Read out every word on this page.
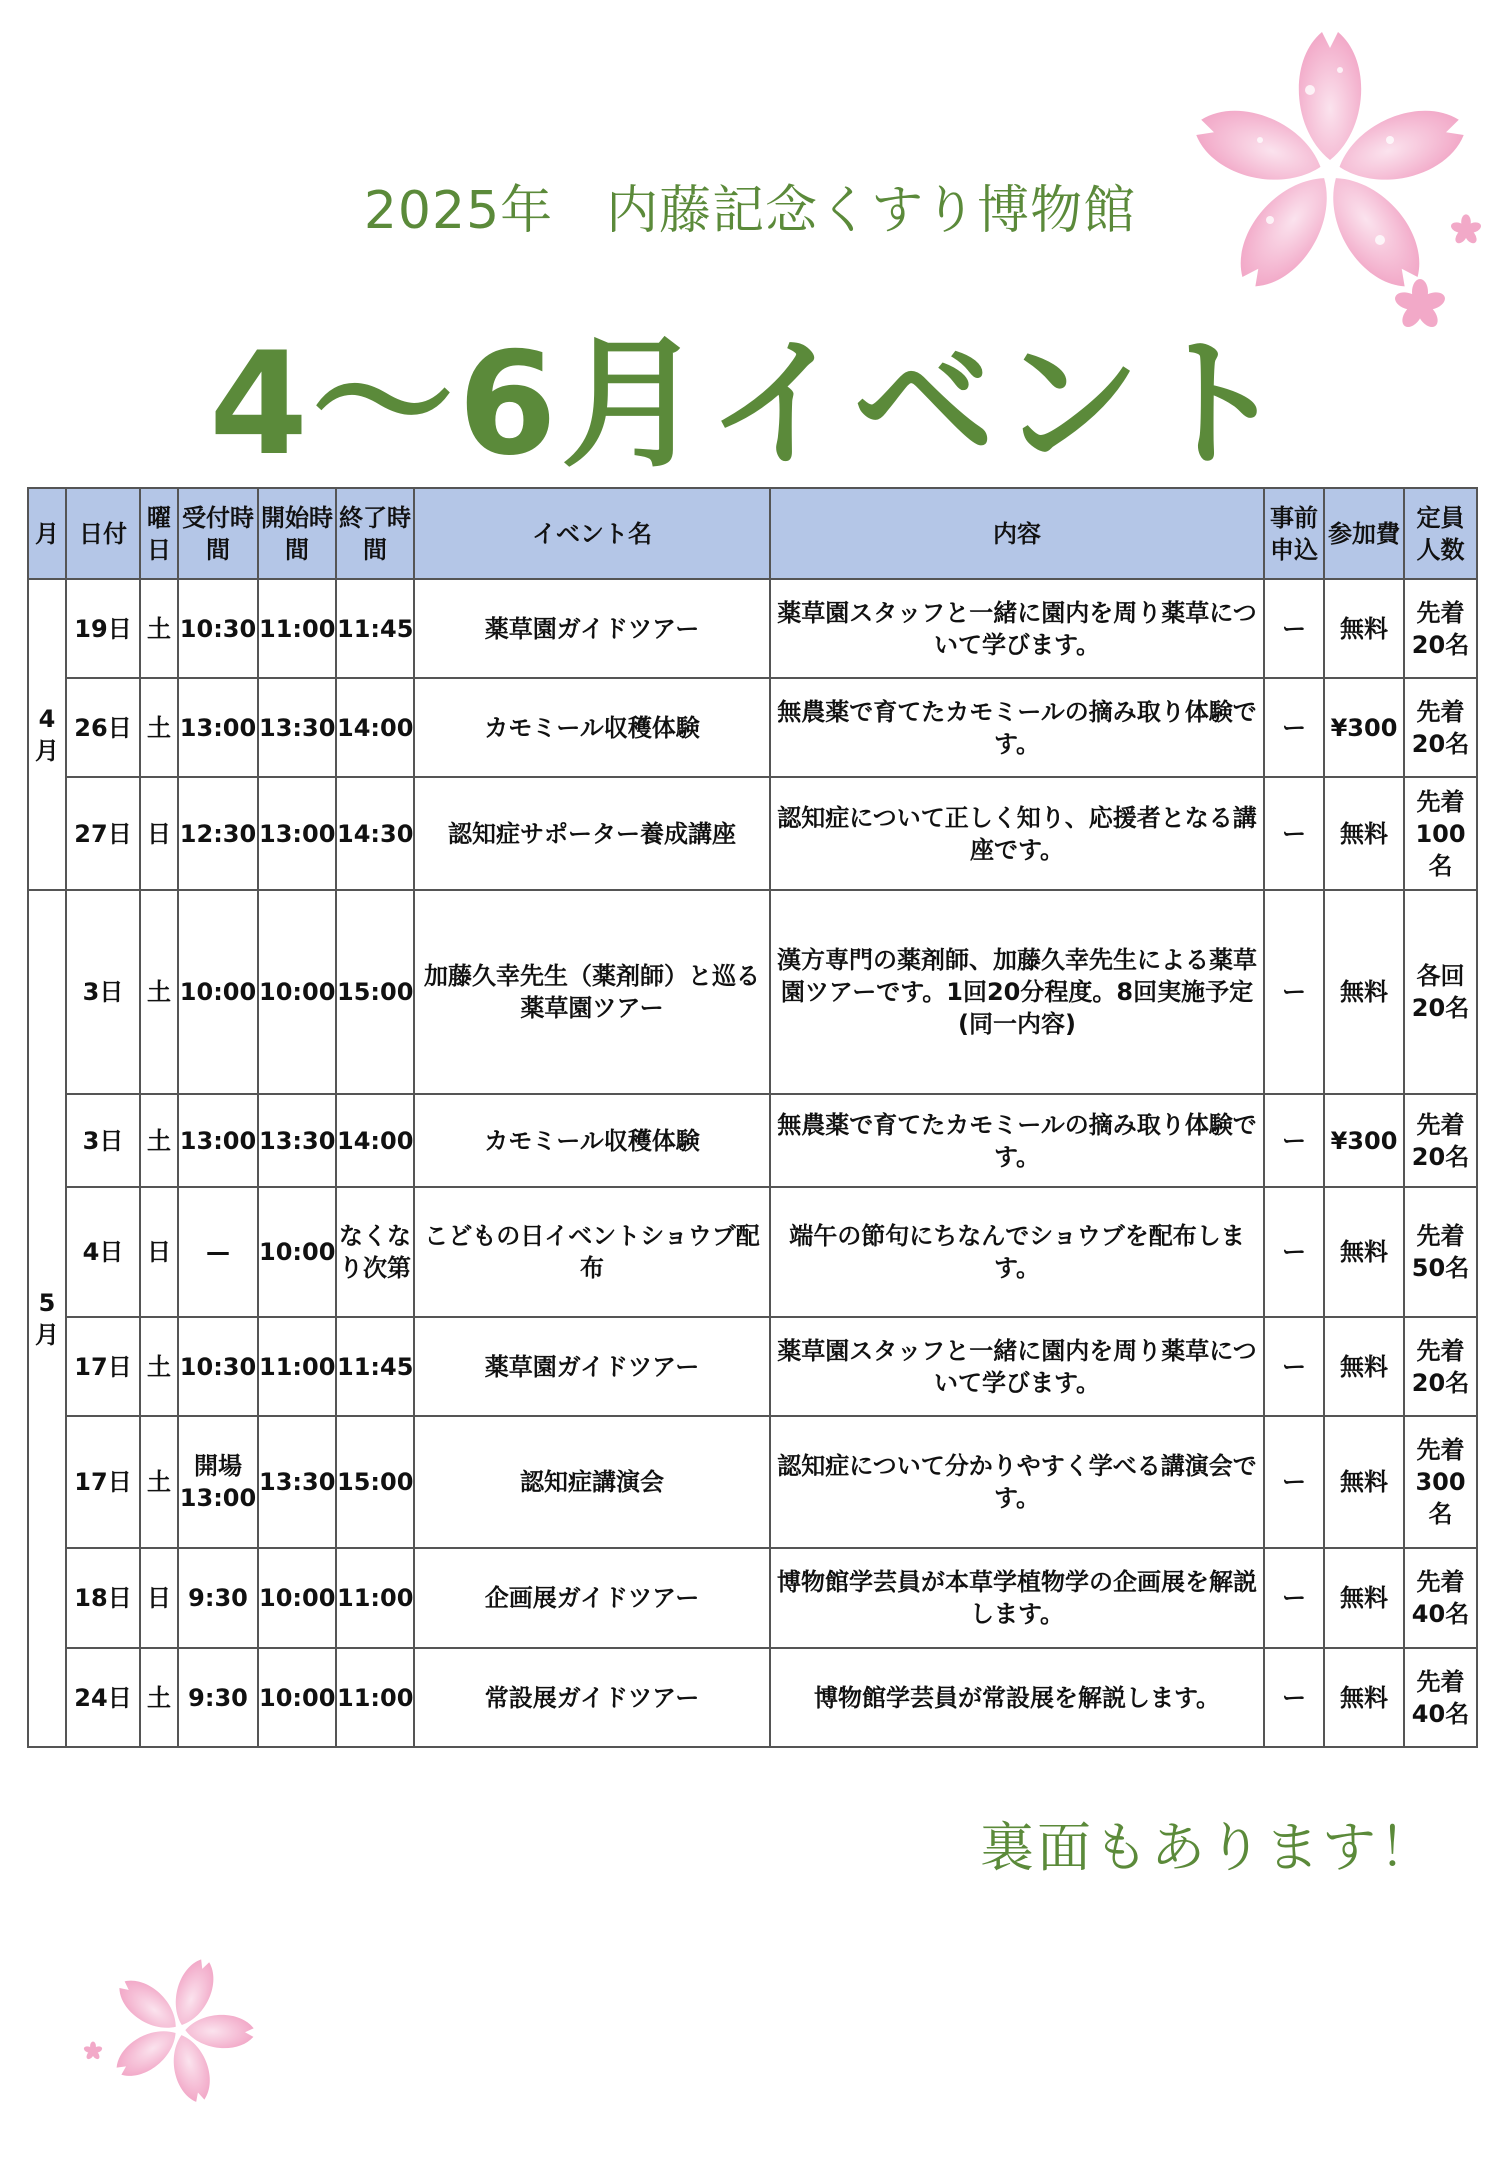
2025年　内藤記念くすり博物館
4～6月イベント
月	日付	曜日	受付時間	開始時間	終了時間	イベント名	内容	事前申込	参加費	定員人数
4月	19日	土	10:30	11:00	11:45	薬草園ガイドツアー	薬草園スタッフと一緒に園内を周り薬草について学びます。	ー	無料	先着20名
	26日	土	13:00	13:30	14:00	カモミール収穫体験	無農薬で育てたカモミールの摘み取り体験です。	ー	¥300	先着20名
	27日	日	12:30	13:00	14:30	認知症サポーター養成講座	認知症について正しく知り、応援者となる講座です。	ー	無料	先着100名
5月	3日	土	10:00	10:00	15:00	加藤久幸先生（薬剤師）と巡る薬草園ツアー	漢方専門の薬剤師、加藤久幸先生による薬草園ツアーです。1回20分程度。8回実施予定(同一内容)	ー	無料	各回20名
	3日	土	13:00	13:30	14:00	カモミール収穫体験	無農薬で育てたカモミールの摘み取り体験です。	ー	¥300	先着20名
	4日	日	—	10:00	なくなり次第	こどもの日イベントショウブ配布	端午の節句にちなんでショウブを配布します。	ー	無料	先着50名
	17日	土	10:30	11:00	11:45	薬草園ガイドツアー	薬草園スタッフと一緒に園内を周り薬草について学びます。	ー	無料	先着20名
	17日	土	開場13:00	13:30	15:00	認知症講演会	認知症について分かりやすく学べる講演会です。	ー	無料	先着300名
	18日	日	9:30	10:00	11:00	企画展ガイドツアー	博物館学芸員が本草学植物学の企画展を解説します。	ー	無料	先着40名
	24日	土	9:30	10:00	11:00	常設展ガイドツアー	博物館学芸員が常設展を解説します。	ー	無料	先着40名
裏面もあります！
